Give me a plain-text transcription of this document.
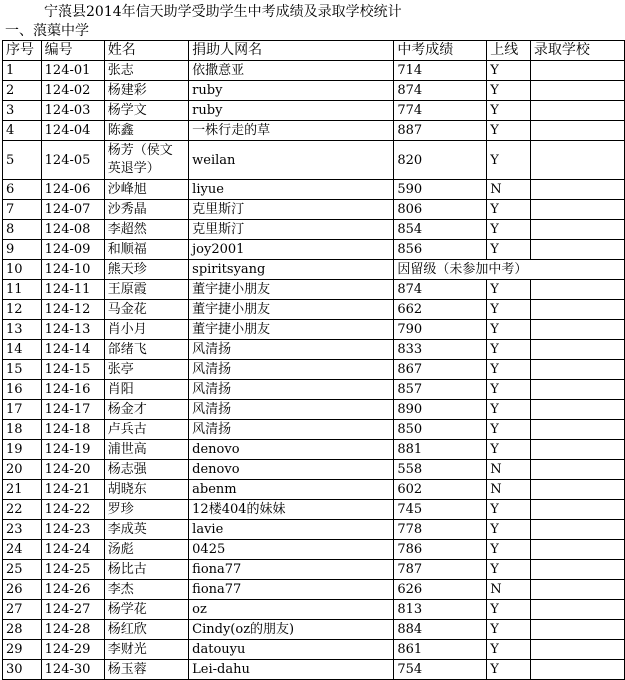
宁蒗县2014年信天助学受助学生中考成绩及录取学校统计
一、蒗蕖中学
序号	编号	姓名	捐助人网名	中考成绩	上线	录取学校
1	124-01	张志	依撒意亚	714	Y	
2	124-02	杨建彩	ruby	874	Y	
3	124-03	杨学文	ruby	774	Y	
4	124-04	陈鑫	一株行走的草	887	Y	
5	124-05	杨芳（侯文英退学）	weilan	820	Y	
6	124-06	沙峰旭	liyue	590	N	
7	124-07	沙秀晶	克里斯汀	806	Y	
8	124-08	李超然	克里斯汀	854	Y	
9	124-09	和顺福	joy2001	856	Y	
10	124-10	熊天珍	spiritsyang	因留级（未参加中考）		
11	124-11	王原霞	董宇捷小朋友	874	Y	
12	124-12	马金花	董宇捷小朋友	662	Y	
13	124-13	肖小月	董宇捷小朋友	790	Y	
14	124-14	郃绪飞	风清扬	833	Y	
15	124-15	张亭	风清扬	867	Y	
16	124-16	肖阳	风清扬	857	Y	
17	124-17	杨金才	风清扬	890	Y	
18	124-18	卢兵古	风清扬	850	Y	
19	124-19	浦世高	denovo	881	Y	
20	124-20	杨志强	denovo	558	N	
21	124-21	胡晓东	abenm	602	N	
22	124-22	罗珍	12楼404的妹妹	745	Y	
23	124-23	李成英	lavie	778	Y	
24	124-24	汤彪	0425	786	Y	
25	124-25	杨比古	fiona77	787	Y	
26	124-26	李杰	fiona77	626	N	
27	124-27	杨学花	oz	813	Y	
28	124-28	杨红欣	Cindy(oz的朋友)	884	Y	
29	124-29	李财光	datouyu	861	Y	
30	124-30	杨玉蓉	Lei-dahu	754	Y	
